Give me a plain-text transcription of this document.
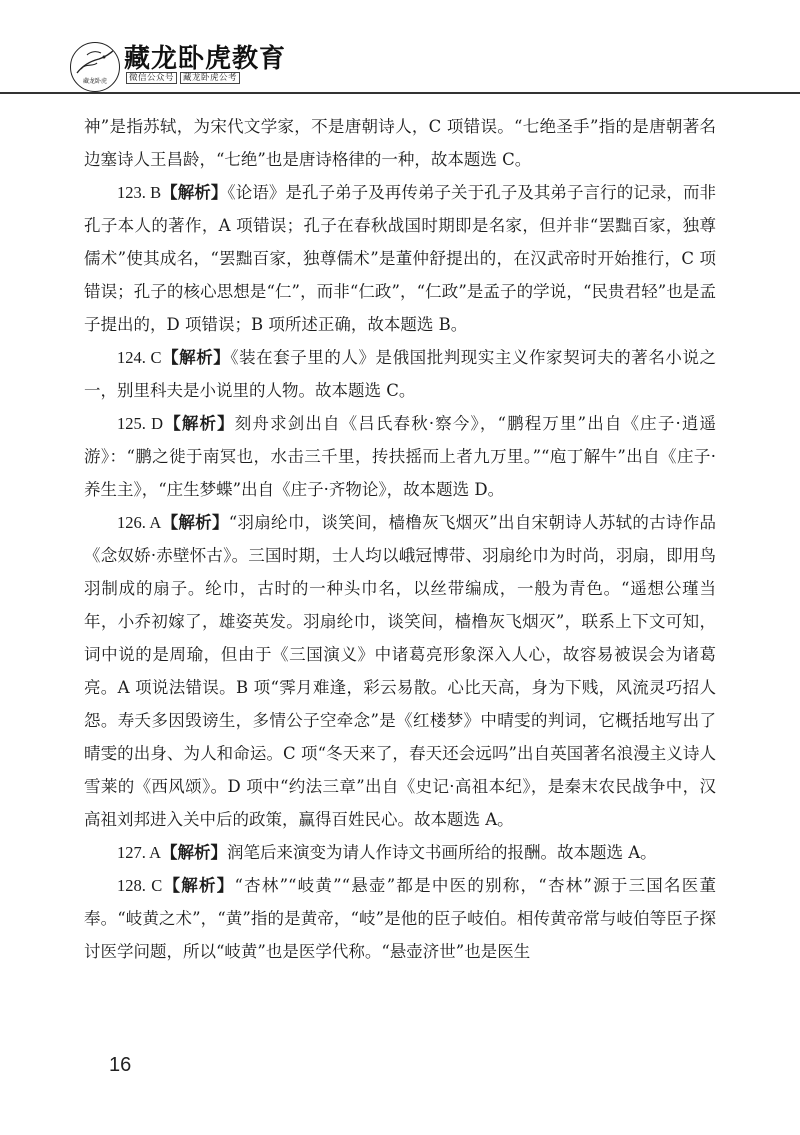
藏龙卧虎
藏龙卧虎教育
微信公众号 藏龙卧虎公考

神”是指苏轼，为宋代文学家，不是唐朝诗人，C 项错误。“七绝圣手”指的是唐朝著名边塞诗人王昌龄，“七绝”也是唐诗格律的一种，故本题选 C。

123. B【解析】《论语》是孔子弟子及再传弟子关于孔子及其弟子言行的记录，而非孔子本人的著作，A 项错误；孔子在春秋战国时期即是名家，但并非“罢黜百家，独尊儒术”使其成名，“罢黜百家，独尊儒术”是董仲舒提出的，在汉武帝时开始推行，C 项错误；孔子的核心思想是“仁”，而非“仁政”，“仁政”是孟子的学说，“民贵君轻”也是孟子提出的，D 项错误；B 项所述正确，故本题选 B。

124. C【解析】《装在套子里的人》是俄国批判现实主义作家契诃夫的著名小说之一，别里科夫是小说里的人物。故本题选 C。

125. D【解析】刻舟求剑出自《吕氏春秋·察今》，“鹏程万里”出自《庄子·逍遥游》：“鹏之徙于南冥也，水击三千里，抟扶摇而上者九万里。”“庖丁解牛”出自《庄子·养生主》，“庄生梦蝶”出自《庄子·齐物论》，故本题选 D。

126. A【解析】“羽扇纶巾，谈笑间，樯橹灰飞烟灭”出自宋朝诗人苏轼的古诗作品《念奴娇·赤壁怀古》。三国时期，士人均以峨冠博带、羽扇纶巾为时尚，羽扇，即用鸟羽制成的扇子。纶巾，古时的一种头巾名，以丝带编成，一般为青色。“遥想公瑾当年，小乔初嫁了，雄姿英发。羽扇纶巾，谈笑间，樯橹灰飞烟灭”，联系上下文可知，词中说的是周瑜，但由于《三国演义》中诸葛亮形象深入人心，故容易被误会为诸葛亮。A 项说法错误。B 项“霁月难逢，彩云易散。心比天高，身为下贱，风流灵巧招人怨。寿夭多因毁谤生，多情公子空牵念”是《红楼梦》中晴雯的判词，它概括地写出了晴雯的出身、为人和命运。C 项“冬天来了，春天还会远吗”出自英国著名浪漫主义诗人雪莱的《西风颂》。D 项中“约法三章”出自《史记·高祖本纪》，是秦末农民战争中，汉高祖刘邦进入关中后的政策，赢得百姓民心。故本题选 A。

127. A【解析】润笔后来演变为请人作诗文书画所给的报酬。故本题选 A。

128. C【解析】“杏林”“岐黄”“悬壶”都是中医的别称，“杏林”源于三国名医董奉。“岐黄之术”，“黄”指的是黄帝，“岐”是他的臣子岐伯。相传黄帝常与岐伯等臣子探讨医学问题，所以“岐黄”也是医学代称。“悬壶济世”也是医生

16
